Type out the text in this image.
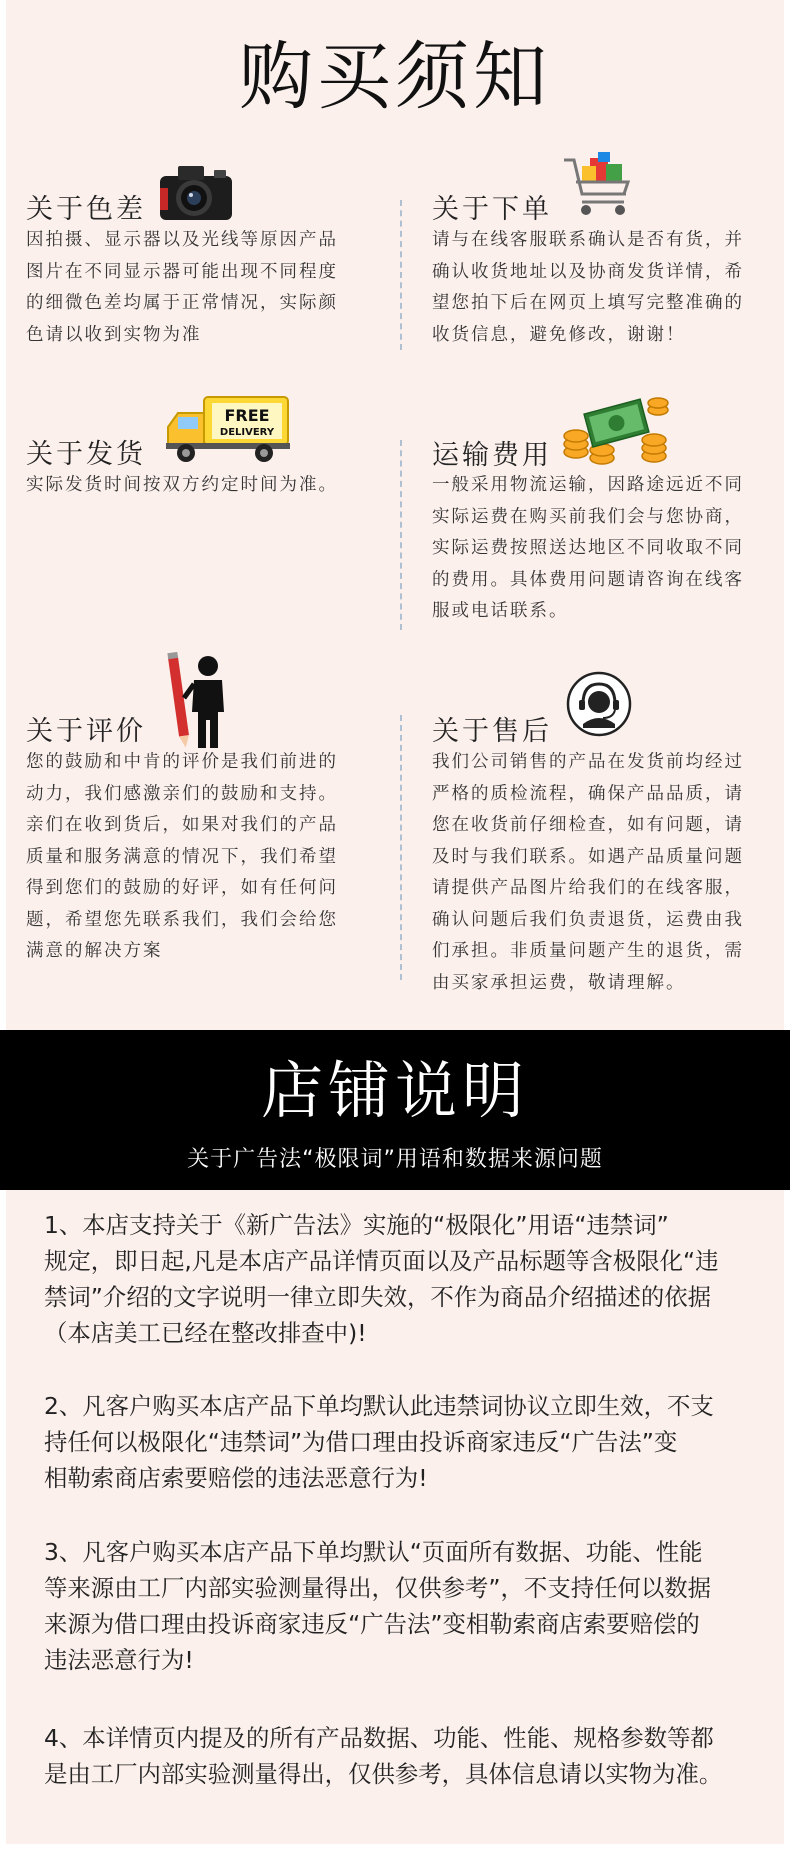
购买须知
关于色差
因拍摄、显示器以及光线等原因产品
图片在不同显示器可能出现不同程度
的细微色差均属于正常情况，实际颜
色请以收到实物为准
关于下单
请与在线客服联系确认是否有货，并
确认收货地址以及协商发货详情，希
望您拍下后在网页上填写完整准确的
收货信息，避免修改，谢谢！
关于发货
FREE
DELIVERY
实际发货时间按双方约定时间为准。
运输费用
一般采用物流运输，因路途远近不同
实际运费在购买前我们会与您协商，
实际运费按照送达地区不同收取不同
的费用。具体费用问题请咨询在线客
服或电话联系。
关于评价
您的鼓励和中肯的评价是我们前进的
动力，我们感激亲们的鼓励和支持。
亲们在收到货后，如果对我们的产品
质量和服务满意的情况下，我们希望
得到您们的鼓励的好评，如有任何问
题，希望您先联系我们，我们会给您
满意的解决方案
关于售后
我们公司销售的产品在发货前均经过
严格的质检流程，确保产品品质，请
您在收货前仔细检查，如有问题，请
及时与我们联系。如遇产品质量问题
请提供产品图片给我们的在线客服，
确认问题后我们负责退货，运费由我
们承担。非质量问题产生的退货，需
由买家承担运费，敬请理解。
店铺说明
关于广告法“极限词”用语和数据来源问题
1、本店支持关于《新广告法》实施的“极限化”用语“违禁词”
规定，即日起,凡是本店产品详情页面以及产品标题等含极限化“违
禁词”介绍的文字说明一律立即失效，不作为商品介绍描述的依据
（本店美工已经在整改排查中)!
2、凡客户购买本店产品下单均默认此违禁词协议立即生效，不支
持任何以极限化“违禁词”为借口理由投诉商家违反“广告法”变
相勒索商店索要赔偿的违法恶意行为!
3、凡客户购买本店产品下单均默认“页面所有数据、功能、性能
等来源由工厂内部实验测量得出，仅供参考”，不支持任何以数据
来源为借口理由投诉商家违反“广告法”变相勒索商店索要赔偿的
违法恶意行为!
4、本详情页内提及的所有产品数据、功能、性能、规格参数等都
是由工厂内部实验测量得出，仅供参考，具体信息请以实物为准。
